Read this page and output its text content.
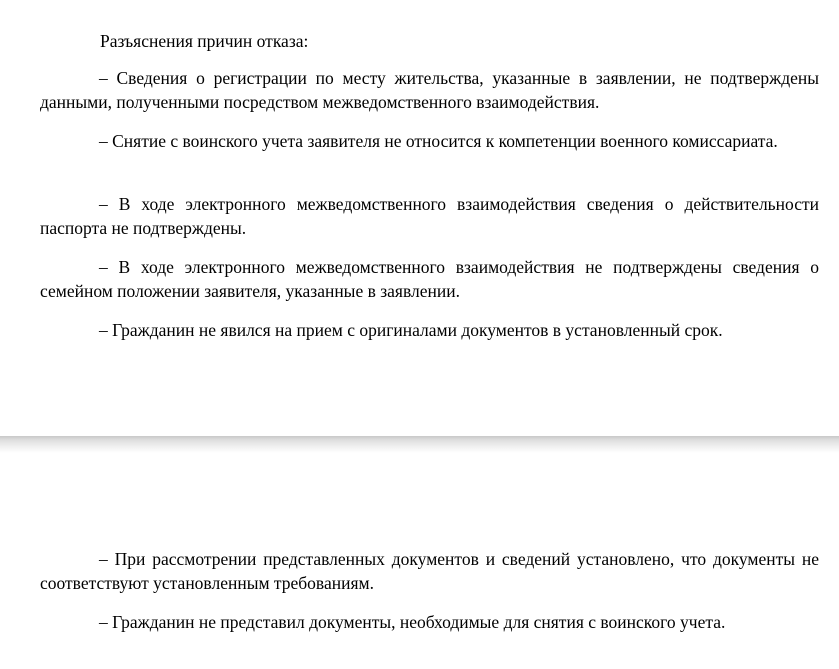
Разъяснения причин отказа:

– Сведения о регистрации по месту жительства, указанные в заявлении, не подтверждены данными, полученными посредством межведомственного взаимодействия.

– Снятие с воинского учета заявителя не относится к компетенции военного комиссариата.

– В ходе электронного межведомственного взаимодействия сведения о действительности паспорта не подтверждены.

– В ходе электронного межведомственного взаимодействия не подтверждены сведения о семейном положении заявителя, указанные в заявлении.

– Гражданин не явился на прием с оригиналами документов в установленный срок.

– При рассмотрении представленных документов и сведений установлено, что документы не соответствуют установленным требованиям.

– Гражданин не представил документы, необходимые для снятия с воинского учета.
